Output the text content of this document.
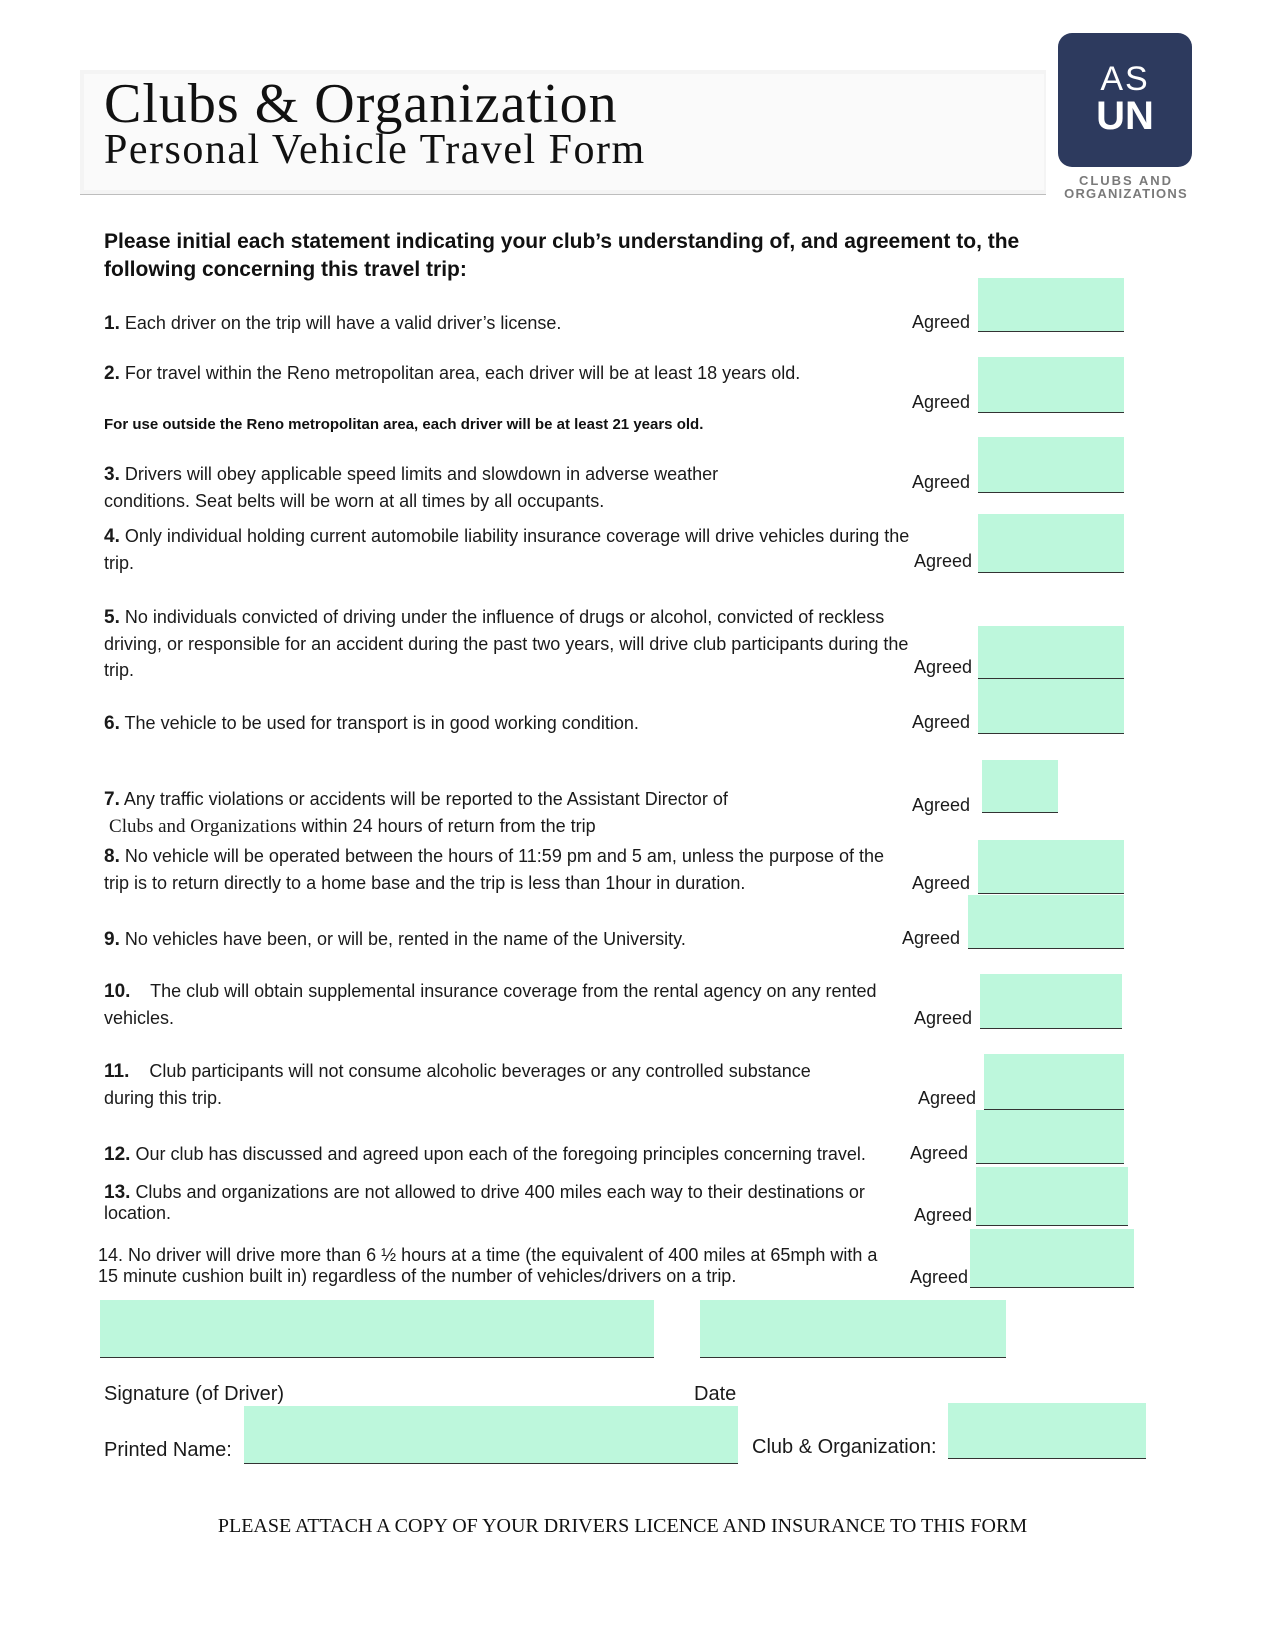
Clubs & Organization
Personal Vehicle Travel Form
AS
UN
CLUBS AND
ORGANIZATIONS
Please initial each statement indicating your club’s understanding of, and agreement to, the following concerning this travel trip:
1. Each driver on the trip will have a valid driver’s license.	Agreed
2. For travel within the Reno metropolitan area, each driver will be at least 18 years old.
For use outside the Reno metropolitan area, each driver will be at least 21 years old.
Agreed
3. Drivers will obey applicable speed limits and slowdown in adverse weather conditions. Seat belts will be worn at all times by all occupants.
Agreed
4. Only individual holding current automobile liability insurance coverage will drive vehicles during the trip.	Agreed
5. No individuals convicted of driving under the influence of drugs or alcohol, convicted of reckless driving, or responsible for an accident during the past two years, will drive club participants during the trip.	Agreed
6. The vehicle to be used for transport is in good working condition.	Agreed
7. Any traffic violations or accidents will be reported to the Assistant Director of
Clubs and Organizations within 24 hours of return from the trip
Agreed
8. No vehicle will be operated between the hours of 11:59 pm and 5 am, unless the purpose of the trip is to return directly to a home base and the trip is less than 1hour in duration.	Agreed
9. No vehicles have been, or will be, rented in the name of the University.	Agreed
10. The club will obtain supplemental insurance coverage from the rental agency on any rented vehicles.	Agreed
11. Club participants will not consume alcoholic beverages or any controlled substance during this trip.	Agreed
12. Our club has discussed and agreed upon each of the foregoing principles concerning travel.	Agreed
13. Clubs and organizations are not allowed to drive 400 miles each way to their destinations or location.	Agreed
14. No driver will drive more than 6 ½ hours at a time (the equivalent of 400 miles at 65mph with a 15 minute cushion built in) regardless of the number of vehicles/drivers on a trip.	Agreed
Signature (of Driver)	Date
Printed Name:	Club & Organization:
PLEASE ATTACH A COPY OF YOUR DRIVERS LICENCE AND INSURANCE TO THIS FORM
